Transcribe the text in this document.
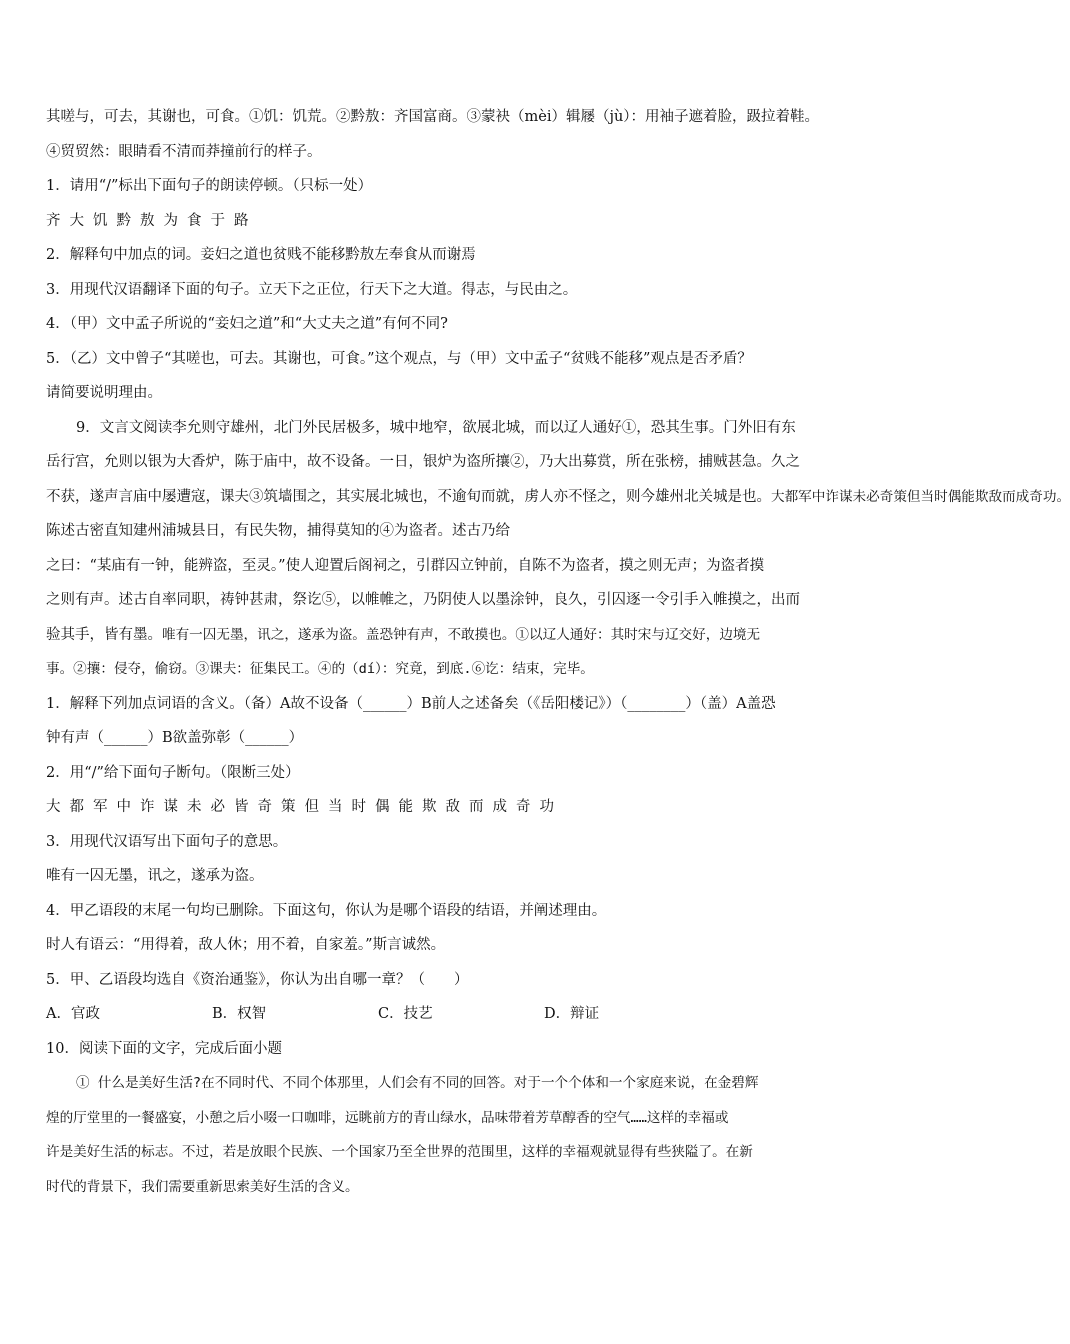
其嗟与，可去，其谢也，可食。①饥：饥荒。②黔敖：齐国富商。③蒙袂（mèi）辑屦（jù）：用袖子遮着脸，趿拉着鞋。
④贸贸然：眼睛看不清而莽撞前行的样子。
1．请用“/”标出下面句子的朗读停顿。（只标一处）
齐大饥黔敖为食于路
2．解释句中加点的词。妾妇之道也贫贱不能移黔敖左奉食从而谢焉
3．用现代汉语翻译下面的句子。立天下之正位，行天下之大道。得志，与民由之。
4．（甲）文中孟子所说的“妾妇之道”和“大丈夫之道”有何不同?
5．（乙）文中曾子“其嗟也，可去。其谢也，可食。”这个观点，与（甲）文中孟子“贫贱不能移”观点是否矛盾？
请简要说明理由。
9．文言文阅读李允则守雄州，北门外民居极多，城中地窄，欲展北城，而以辽人通好①，恐其生事。门外旧有东
岳行宫，允则以银为大香炉，陈于庙中，故不设备。一日，银炉为盗所攘②，乃大出募赏，所在张榜，捕贼甚急。久之
不获，遂声言庙中屡遭寇，课夫③筑墙围之，其实展北城也，不逾旬而就，虏人亦不怪之，则今雄州北关城是也。大都军中诈谋未必奇策但当时偶能欺敌而成奇功。
陈述古密直知建州浦城县日，有民失物，捕得莫知的④为盗者。述古乃给
之曰：“某庙有一钟，能辨盗，至灵。”使人迎置后阁祠之，引群囚立钟前，自陈不为盗者，摸之则无声；为盗者摸
之则有声。述古自率同职，祷钟甚肃，祭讫⑤，以帷帷之，乃阴使人以墨涂钟，良久，引囚逐一令引手入帷摸之，出而
验其手，皆有墨。唯有一囚无墨，讯之，遂承为盗。盖恐钟有声，不敢摸也。①以辽人通好：其时宋与辽交好，边境无
事。②攘：侵夺，偷窃。③课夫：征集民工。④的（dí）：究竟，到底.⑥讫：结束，完毕。
1．解释下列加点词语的含义。（备）A故不设备（______）B前人之述备矣（《岳阳楼记》）（________）（盖）A盖恐
钟有声（______）B欲盖弥彰（______）
2．用“/”给下面句子断句。（限断三处）
大都军中诈谋未必皆奇策但当时偶能欺敌而成奇功
3．用现代汉语写出下面句子的意思。
唯有一囚无墨，讯之，遂承为盗。
4．甲乙语段的末尾一句均已删除。下面这句，你认为是哪个语段的结语，并阐述理由。
时人有语云：“用得着，敌人休；用不着，自家羞。”斯言诚然。
5．甲、乙语段均选自《资治通鉴》，你认为出自哪一章？（　　）
A．官政	B．权智	C．技艺	D．辩证
10．阅读下面的文字，完成后面小题
① 什么是美好生活?在不同时代、不同个体那里，人们会有不同的回答。对于一个个体和一个家庭来说，在金碧辉
煌的厅堂里的一餐盛宴，小憩之后小啜一口咖啡，远眺前方的青山绿水，品味带着芳草醇香的空气……这样的幸福或
许是美好生活的标志。不过，若是放眼个民族、一个国家乃至全世界的范围里，这样的幸福观就显得有些狭隘了。在新
时代的背景下，我们需要重新思索美好生活的含义。
